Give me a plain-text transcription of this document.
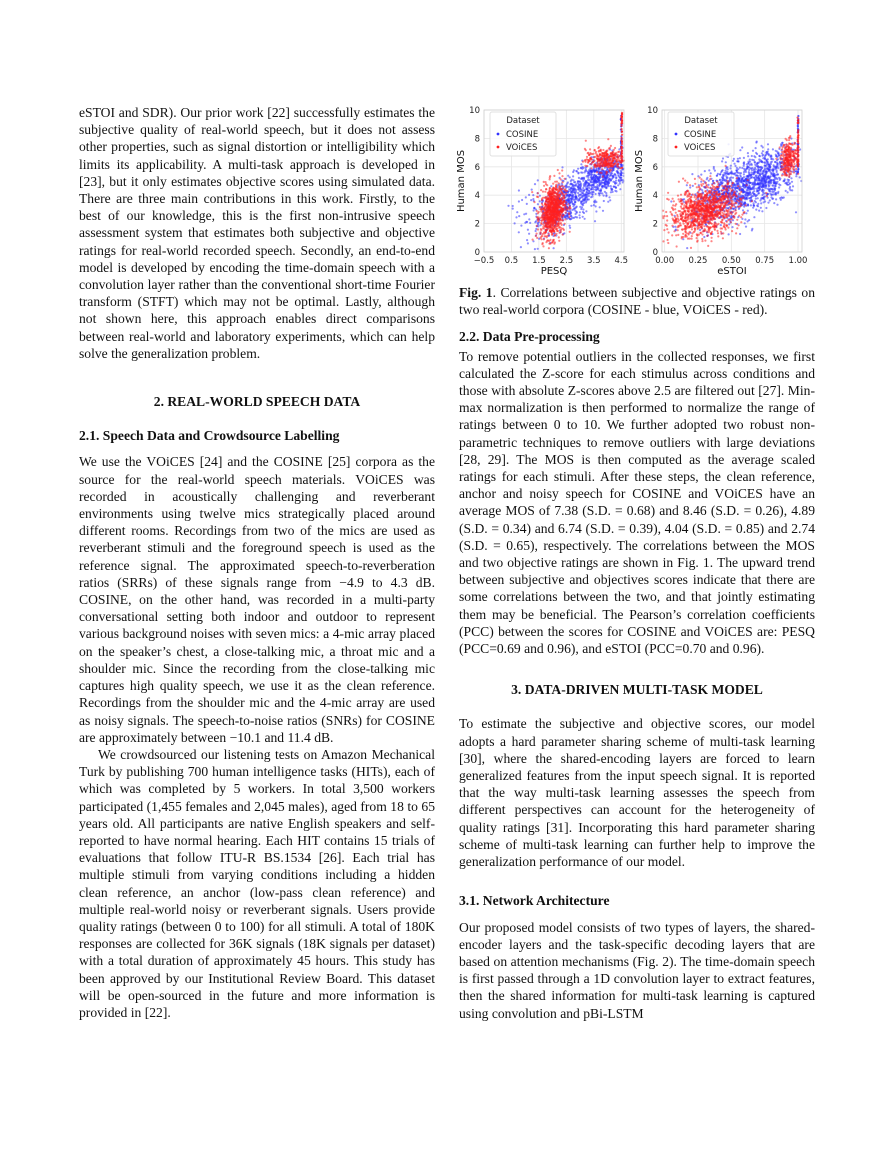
eSTOI and SDR). Our prior work [22] successfully estimates the subjective quality of real-world speech, but it does not assess other properties, such as signal distortion or intelligibility which limits its applicability. A multi-task approach is developed in [23], but it only estimates objective scores using simulated data. There are three main contributions in this work. Firstly, to the best of our knowledge, this is the first non-intrusive speech assessment system that estimates both subjective and objective ratings for real-world recorded speech. Secondly, an end-to-end model is developed by encoding the time-domain speech with a convolution layer rather than the conventional short-time Fourier transform (STFT) which may not be optimal. Lastly, although not shown here, this approach enables direct comparisons between real-world and laboratory experiments, which can help solve the generalization problem.

2. REAL-WORLD SPEECH DATA
2.1. Speech Data and Crowdsource Labelling

We use the VOiCES [24] and the COSINE [25] corpora as the source for the real-world speech materials. VOiCES was recorded in acoustically challenging and reverberant environments using twelve mics strategically placed around different rooms. Recordings from two of the mics are used as reverberant stimuli and the foreground speech is used as the reference signal. The approximated speech-to-reverberation ratios (SRRs) of these signals range from −4.9 to 4.3 dB. COSINE, on the other hand, was recorded in a multi-party conversational setting both indoor and outdoor to represent various background noises with seven mics: a 4-mic array placed on the speaker’s chest, a close-talking mic, a throat mic and a shoulder mic. Since the recording from the close-talking mic captures high quality speech, we use it as the clean reference. Recordings from the shoulder mic and the 4-mic array are used as noisy signals. The speech-to-noise ratios (SNRs) for COSINE are approximately between −10.1 and 11.4 dB.

We crowdsourced our listening tests on Amazon Mechanical Turk by publishing 700 human intelligence tasks (HITs), each of which was completed by 5 workers. In total 3,500 workers participated (1,455 females and 2,045 males), aged from 18 to 65 years old. All participants are native English speakers and self-reported to have normal hearing. Each HIT contains 15 trials of evaluations that follow ITU-R BS.1534 [26]. Each trial has multiple stimuli from varying conditions including a hidden clean reference, an anchor (low-pass clean reference) and multiple real-world noisy or reverberant signals. Users provide quality ratings (between 0 to 100) for all stimuli. A total of 180K responses are collected for 36K signals (18K signals per dataset) with a total duration of approximately 45 hours. This study has been approved by our Institutional Review Board. This dataset will be open-sourced in the future and more information is provided in [22].

0
2
4
6
8
10
−0.5 0.5 1.5 2.5 3.5 4.5
Dataset
COSINE
VOiCES
PESQ
Human MOS
0
2
4
6
8
10
0.00 0.25 0.50 0.75 1.00
Dataset
COSINE
VOiCES
eSTOI
Human MOS

Fig. 1. Correlations between subjective and objective ratings on two real-world corpora (COSINE - blue, VOiCES - red).

2.2. Data Pre-processing

To remove potential outliers in the collected responses, we first calculated the Z-score for each stimulus across conditions and those with absolute Z-scores above 2.5 are filtered out [27]. Min-max normalization is then performed to normalize the range of ratings between 0 to 10. We further adopted two robust non-parametric techniques to remove outliers with large deviations [28, 29]. The MOS is then computed as the average scaled ratings for each stimuli. After these steps, the clean reference, anchor and noisy speech for COSINE and VOiCES have an average MOS of 7.38 (S.D. = 0.68) and 8.46 (S.D. = 0.26), 4.89 (S.D. = 0.34) and 6.74 (S.D. = 0.39), 4.04 (S.D. = 0.85) and 2.74 (S.D. = 0.65), respectively. The correlations between the MOS and two objective ratings are shown in Fig. 1. The upward trend between subjective and objectives scores indicate that there are some correlations between the two, and that jointly estimating them may be beneficial. The Pearson’s correlation coefficients (PCC) between the scores for COSINE and VOiCES are: PESQ (PCC=0.69 and 0.96), and eSTOI (PCC=0.70 and 0.96).

3. DATA-DRIVEN MULTI-TASK MODEL

To estimate the subjective and objective scores, our model adopts a hard parameter sharing scheme of multi-task learning [30], where the shared-encoding layers are forced to learn generalized features from the input speech signal. It is reported that the way multi-task learning assesses the speech from different perspectives can account for the heterogeneity of quality ratings [31]. Incorporating this hard parameter sharing scheme of multi-task learning can further help to improve the generalization performance of our model.

3.1. Network Architecture

Our proposed model consists of two types of layers, the shared-encoder layers and the task-specific decoding layers that are based on attention mechanisms (Fig. 2). The time-domain speech is first passed through a 1D convolution layer to extract features, then the shared information for multi-task learning is captured using convolution and pBi-LSTM
